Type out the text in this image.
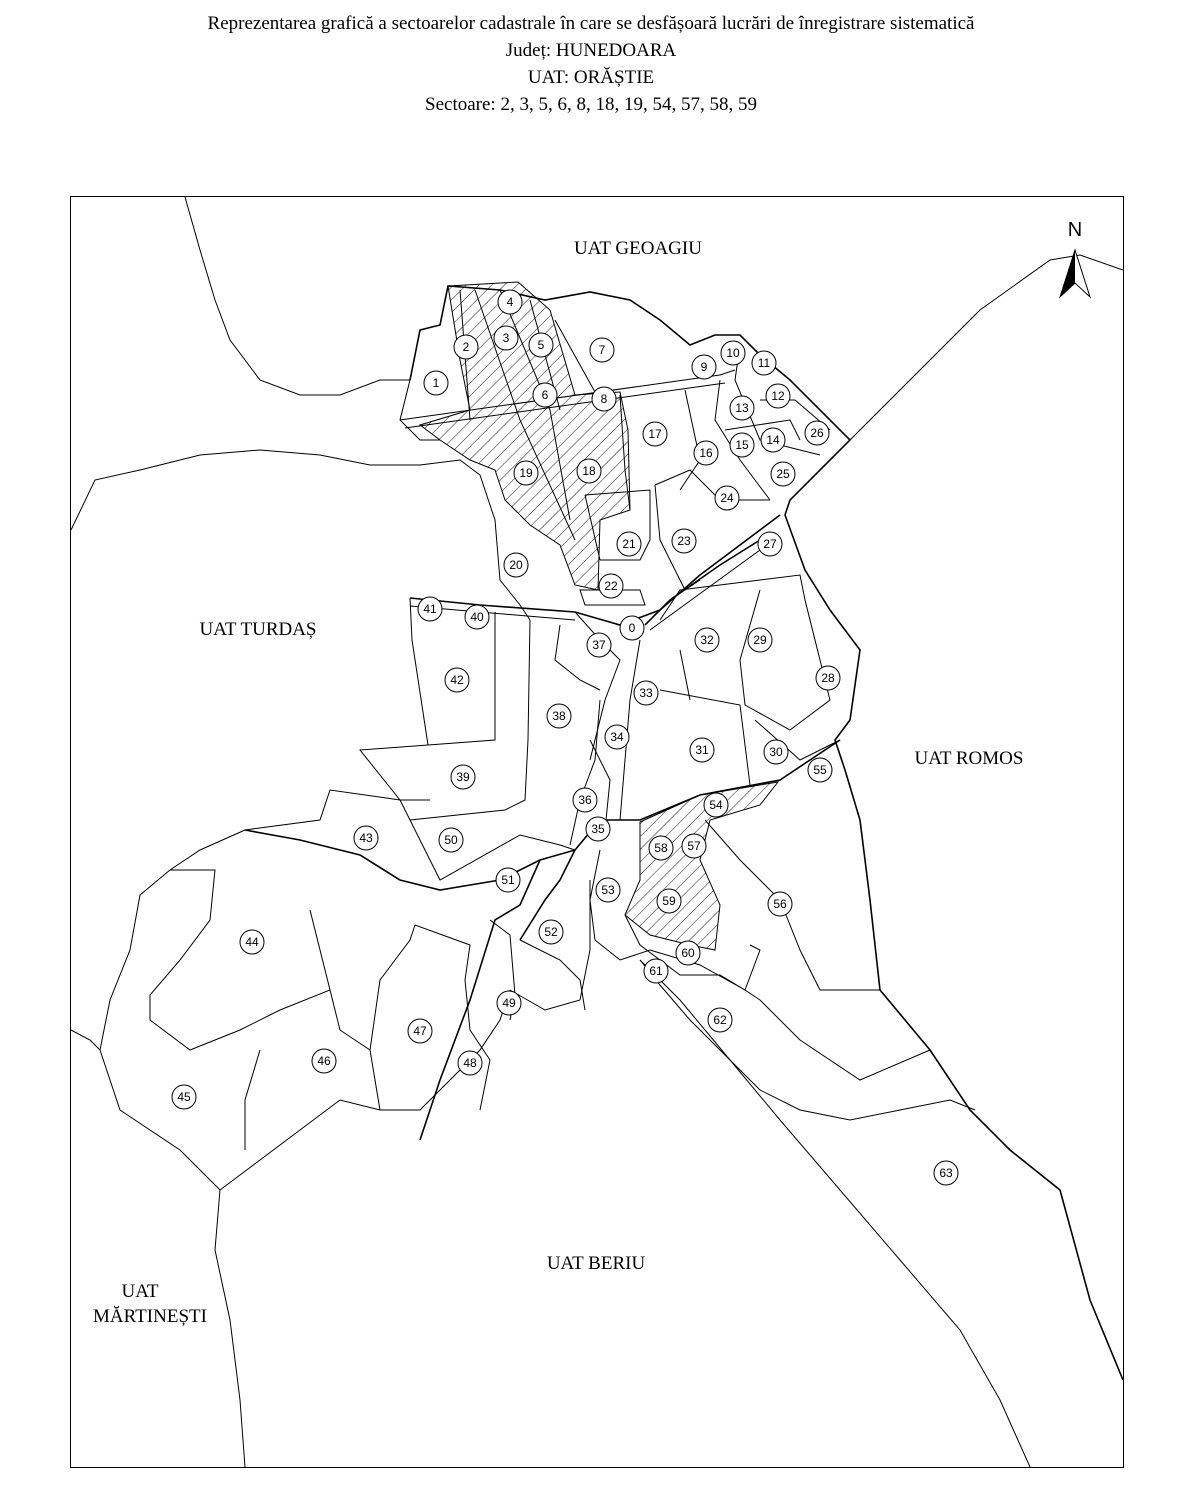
Reprezentarea grafică a sectoarelor cadastrale în care se desfășoară lucrări de înregistrare sistematică
Județ: HUNEDOARA
UAT: ORĂȘTIE
Sectoare: 2, 3, 5, 6, 8, 18, 19, 54, 57, 58, 59
N
UAT GEOAGIU
UAT TURDAȘ
UAT ROMOS
UAT BERIU
UAT
MĂRTINEȘTI
0
1
2
3
4
5
6
7
8
9
10
11
12
13
14
15
16
17
18
19
20
21
22
23
24
25
26
27
28
29
30
31
32
33
34
35
36
37
38
39
40
41
42
43
44
45
46
47
48
49
50
51
52
53
54
55
56
57
58
59
60
61
62
63
